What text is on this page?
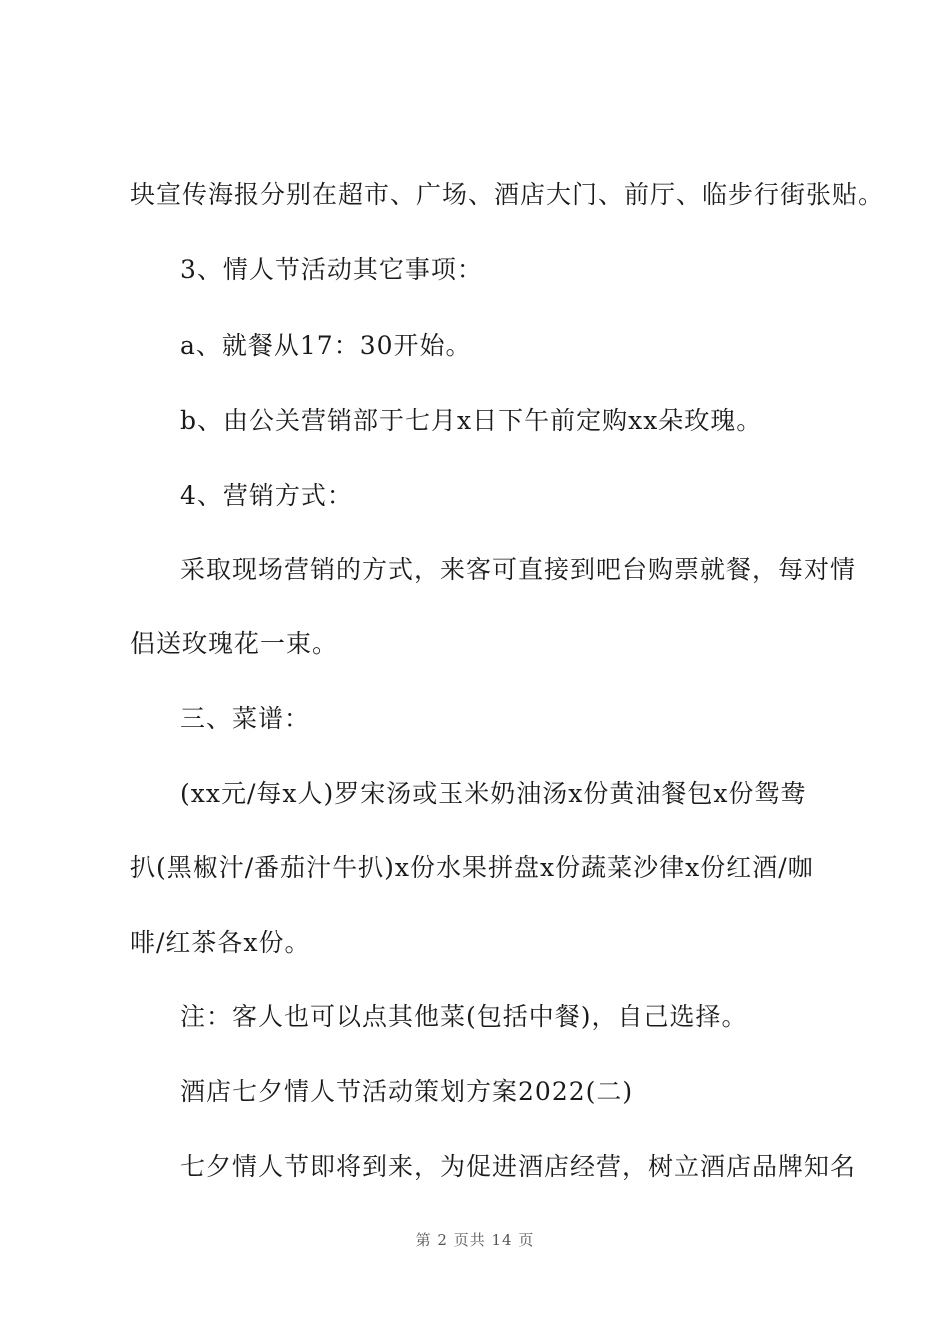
块宣传海报分别在超市、广场、酒店大门、前厅、临步行街张贴。
3、情人节活动其它事项：
a、就餐从17：30开始。
b、由公关营销部于七月x日下午前定购xx朵玫瑰。
4、营销方式：
采取现场营销的方式，来客可直接到吧台购票就餐，每对情
侣送玫瑰花一束。
三、菜谱：
(xx元/每x人)罗宋汤或玉米奶油汤x份黄油餐包x份鸳鸯
扒(黑椒汁/番茄汁牛扒)x份水果拼盘x份蔬菜沙律x份红酒/咖
啡/红茶各x份。
注：客人也可以点其他菜(包括中餐)，自己选择。
酒店七夕情人节活动策划方案2022(二)
七夕情人节即将到来，为促进酒店经营，树立酒店品牌知名
第 2 页共 14 页
